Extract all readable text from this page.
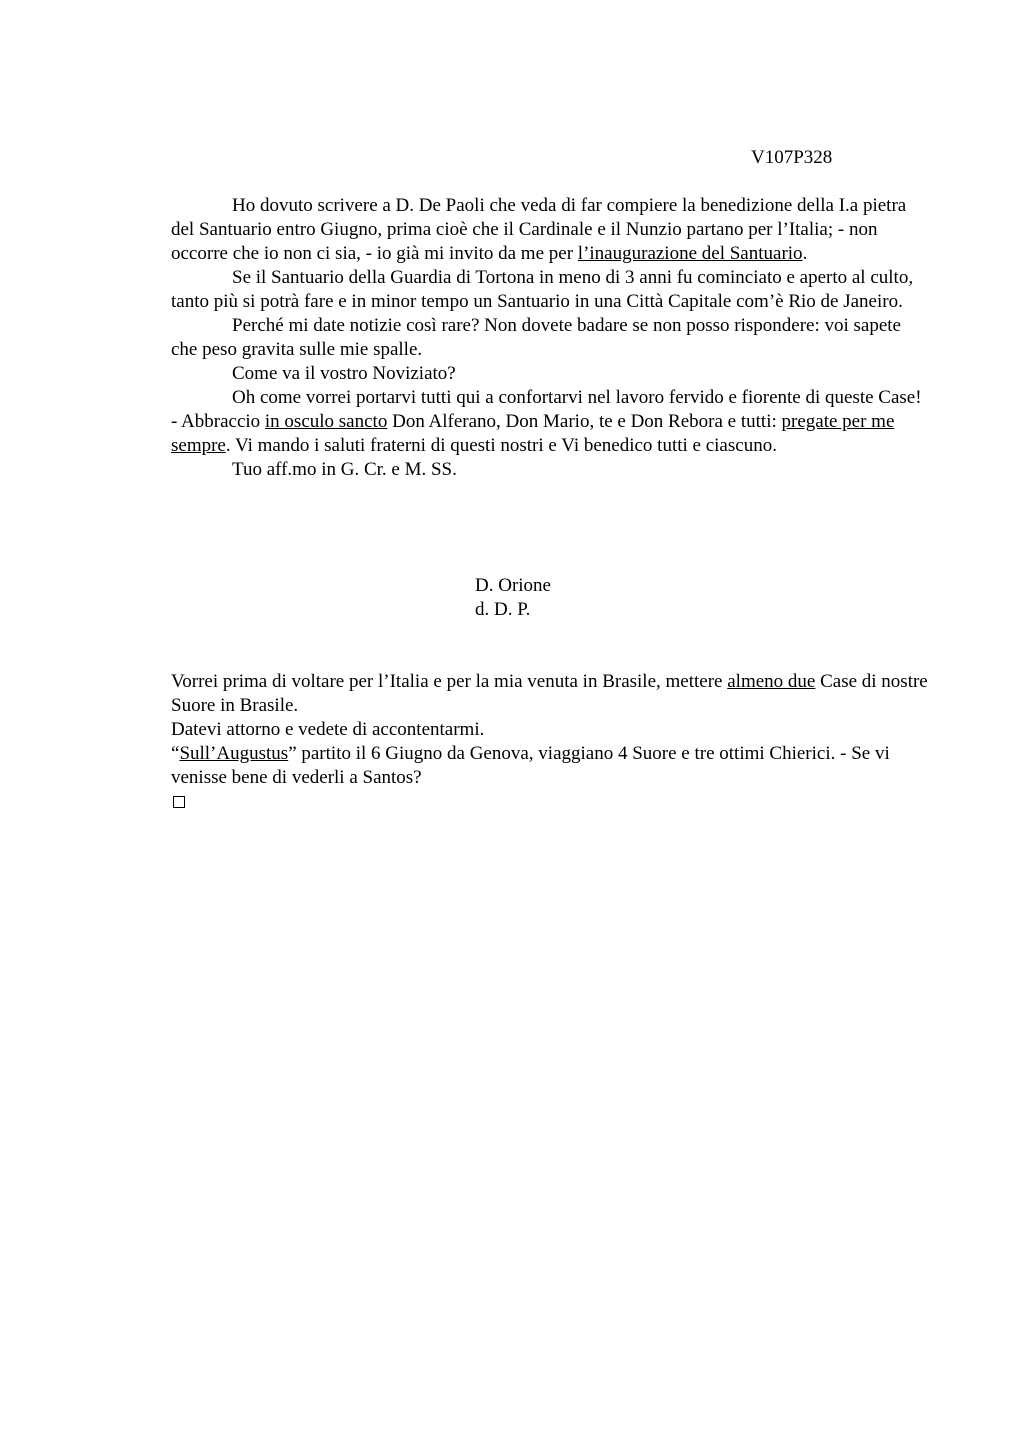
V107P328

Ho dovuto scrivere a D. De Paoli che veda di far compiere la benedizione della I.a pietra del Santuario entro Giugno, prima cioè che il Cardinale e il Nunzio partano per l’Italia; - non occorre che io non ci sia, - io già mi invito da me per l’inaugurazione del Santuario.

Se il Santuario della Guardia di Tortona in meno di 3 anni fu cominciato e aperto al culto, tanto più si potrà fare e in minor tempo un Santuario in una Città Capitale com’è Rio de Janeiro.

Perché mi date notizie così rare? Non dovete badare se non posso rispondere: voi sapete che peso gravita sulle mie spalle.

Come va il vostro Noviziato?

Oh come vorrei portarvi tutti qui a confortarvi nel lavoro fervido e fiorente di queste Case! - Abbraccio in osculo sancto Don Alferano, Don Mario, te e Don Rebora e tutti: pregate per me sempre. Vi mando i saluti fraterni di questi nostri e Vi benedico tutti e ciascuno.

Tuo aff.mo in G. Cr. e M. SS.

D. Orione
d. D. P.

Vorrei prima di voltare per l’Italia e per la mia venuta in Brasile, mettere almeno due Case di nostre Suore in Brasile.

Datevi attorno e vedete di accontentarmi.

“Sull’Augustus” partito il 6 Giugno da Genova, viaggiano 4 Suore e tre ottimi Chierici. - Se vi venisse bene di vederli a Santos?
